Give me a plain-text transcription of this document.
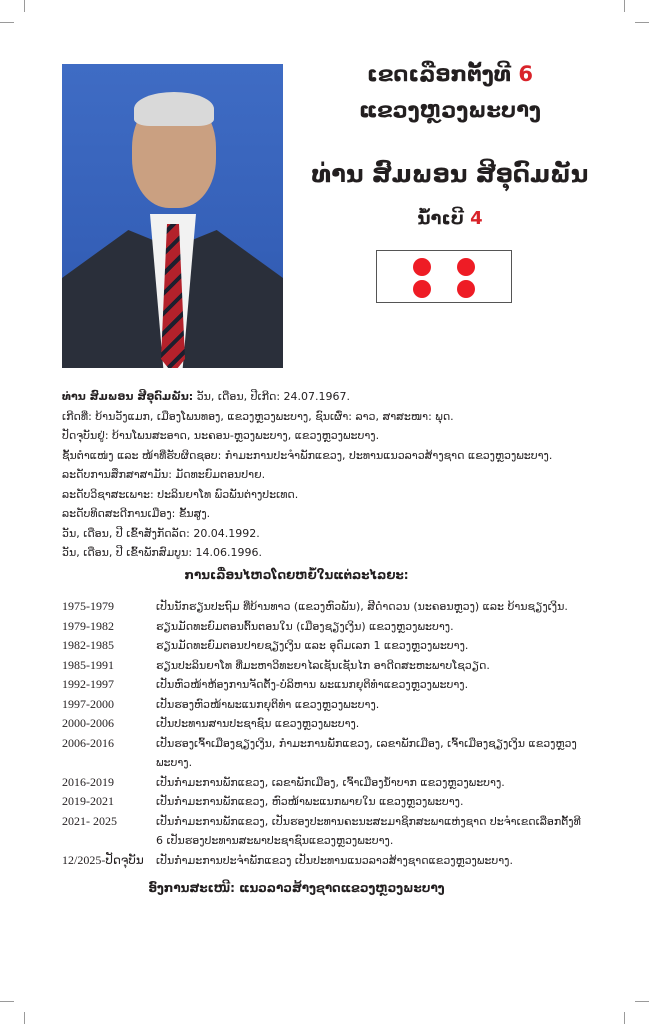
ເຂດເລືອກຕັ້ງທີ 6
ແຂວງຫຼວງພະບາງ
ທ່ານ ສົມພອນ ສີອຸດົມພັນ
ນໍ້າເບີ 4
ທ່ານ ສົມພອນ ສີອຸດົມພັນ: ວັນ, ເດືອນ, ປີເກີດ: 24.07.1967.
ເກີດທີ່: ບ້ານວັງແມກ, ເມືອງໂພນທອງ, ແຂວງຫຼວງພະບາງ, ຊົນເຜົ່າ: ລາວ, ສາສະໜາ: ພຸດ.
ປັດຈຸບັນຢູ່: ບ້ານໂພນສະອາດ, ນະຄອນ-ຫຼວງພະບາງ, ແຂວງຫຼວງພະບາງ.
ຊັ້ນຕຳແໜ່ງ ແລະ ໜ້າທີ່ຮັບຜິດຊອບ: ກຳມະການປະຈຳພັກແຂວງ, ປະທານແນວລາວສ້າງຊາດ ແຂວງຫຼວງພະບາງ.
ລະດັບການສຶກສາສາມັນ: ມັດທະຍົມຕອນປາຍ.
ລະດັບວິຊາສະເພາະ: ປະລິນຍາໂທ ພົວພັນຕ່າງປະເທດ.
ລະດັບທິດສະດີການເມືອງ: ຂັ້ນສູງ.
ວັນ, ເດືອນ, ປີ ເຂົ້າສັງກັດລັດ: 20.04.1992.
ວັນ, ເດືອນ, ປີ ເຂົ້າພັກສົມບູນ: 14.06.1996.
ການເລື່ອນໄຫວໂດຍຫຍໍ້ໃນແຕ່ລະໄລຍະ:
1975-1979	ເປັນນັກຮຽນປະຖົມ ທີ່ບ້ານທາວ (ແຂວງຫົວພັນ), ສີດໍາດວນ (ນະຄອນຫຼວງ) ແລະ ບ້ານຊຽງເງິນ.
1979-1982	ຮຽນມັດທະຍົມຕອນຕົ້ນຕອນໃນ (ເມືອງຊຽງເງິນ) ແຂວງຫຼວງພະບາງ.
1982-1985	ຮຽນມັດທະຍົມຕອນປາຍຊຽງເງິນ ແລະ ອຸດົມເລກ 1 ແຂວງຫຼວງພະບາງ.
1985-1991	ຮຽນປະລິນຍາໂທ ທີ່ມະຫາວິທະຍາໄລເຊັນເຊັນໄກ ອາດີດສະຫະພາບໂຊວຽດ.
1992-1997	ເປັນຫົວໜ້າຫ້ອງການຈັດຕັ້ງ-ບໍລິຫານ ພະແນກຍຸຕິທຳແຂວງຫຼວງພະບາງ.
1997-2000	ເປັນຮອງຫົວໜ້າພະແນກຍຸຕິທຳ ແຂວງຫຼວງພະບາງ.
2000-2006	ເປັນປະທານສານປະຊາຊົນ ແຂວງຫຼວງພະບາງ.
2006-2016	ເປັນຮອງເຈົ້າເມືອງຊຽງເງິນ, ກຳມະການພັກແຂວງ, ເລຂາພັກເມືອງ, ເຈົ້າເມືອງຊຽງເງິນ ແຂວງຫຼວງ
ພະບາງ.
2016-2019	ເປັນກຳມະການພັກແຂວງ, ເລຂາພັກເມືອງ, ເຈົ້າເມືອງນໍ້າບາກ ແຂວງຫຼວງພະບາງ.
2019-2021	ເປັນກຳມະການພັກແຂວງ, ຫົວໜ້າພະແນກພາຍໃນ ແຂວງຫຼວງພະບາງ.
2021- 2025	ເປັນກຳມະການພັກແຂວງ, ເປັນຮອງປະທານຄະນະສະມາຊິກສະພາແຫ່ງຊາດ ປະຈຳເຂດເລືອກຕັ້ງທີ
6 ເປັນຮອງປະທານສະພາປະຊາຊົນແຂວງຫຼວງພະບາງ.
12/2025-ປັດຈຸບັນ	ເປັນກຳມະການປະຈຳພັກແຂວງ ເປັນປະທານແນວລາວສ້າງຊາດແຂວງຫຼວງພະບາງ.
ອົງການສະເໜີ: ແນວລາວສ້າງຊາດແຂວງຫຼວງພະບາງ
